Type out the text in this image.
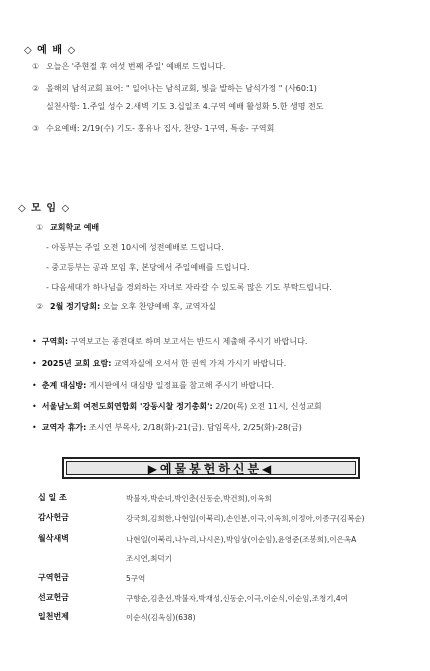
◇ 예 배 ◇
① 오늘은 '주현절 후 여섯 번째 주일' 예배로 드립니다.
② 올해의 남석교회 표어: " 일어나는 남석교회, 빛을 발하는 남석가정 " (사60:1)
실천사항: 1.주일 성수 2.새벽 기도 3.십일조 4.구역 예배 활성화 5.한 생명 전도
③ 수요예배: 2/19(수) 기도- 홍유나 집사, 찬양- 1구역, 특송- 구역회
◇ 모 임 ◇
① 교회학교 예배
- 아동부는 주일 오전 10시에 성전예배로 드립니다.
- 중고등부는 공과 모임 후, 본당에서 주일예배를 드립니다.
- 다음세대가 하나님을 경외하는 자녀로 자라갈 수 있도록 많은 기도 부탁드립니다.
② 2월 정기당회: 오늘 오후 찬양예배 후, 교역자실
• 구역회: 구역보고는 종전대로 하며 보고서는 반드시 제출해 주시기 바랍니다.
• 2025년 교회 요람: 교역자실에 오셔서 한 권씩 가져 가시기 바랍니다.
• 춘계 대심방: 게시판에서 대심방 일정표를 참고해 주시기 바랍니다.
• 서울남노회 여전도회연합회 '강동시찰 정기총회': 2/20(목) 오전 11시, 신성교회
• 교역자 휴가: 조시연 부목사, 2/18(화)-21(금). 담임목사, 2/25(화)-28(금)
▶예물봉헌하신분◀
십 일 조	박불자,박순녀,박인춘(신동순,박건희),이옥희
감사헌금	강국희,김희한,나현일(이북리),손인분,이극,이옥희,이정아,이종구(김복순)
월삭새벽	나현일(이북리,나누리,나시온),박임상(이순임),윤영준(조봉희),이은옥A
조시연,최덕기
구역헌금	5구역
선교헌금	구향순,김춘선,박불자,박재성,신동순,이극,이순식,이순임,조청기,4여
일천번제	이순식(김옥심)(638)
